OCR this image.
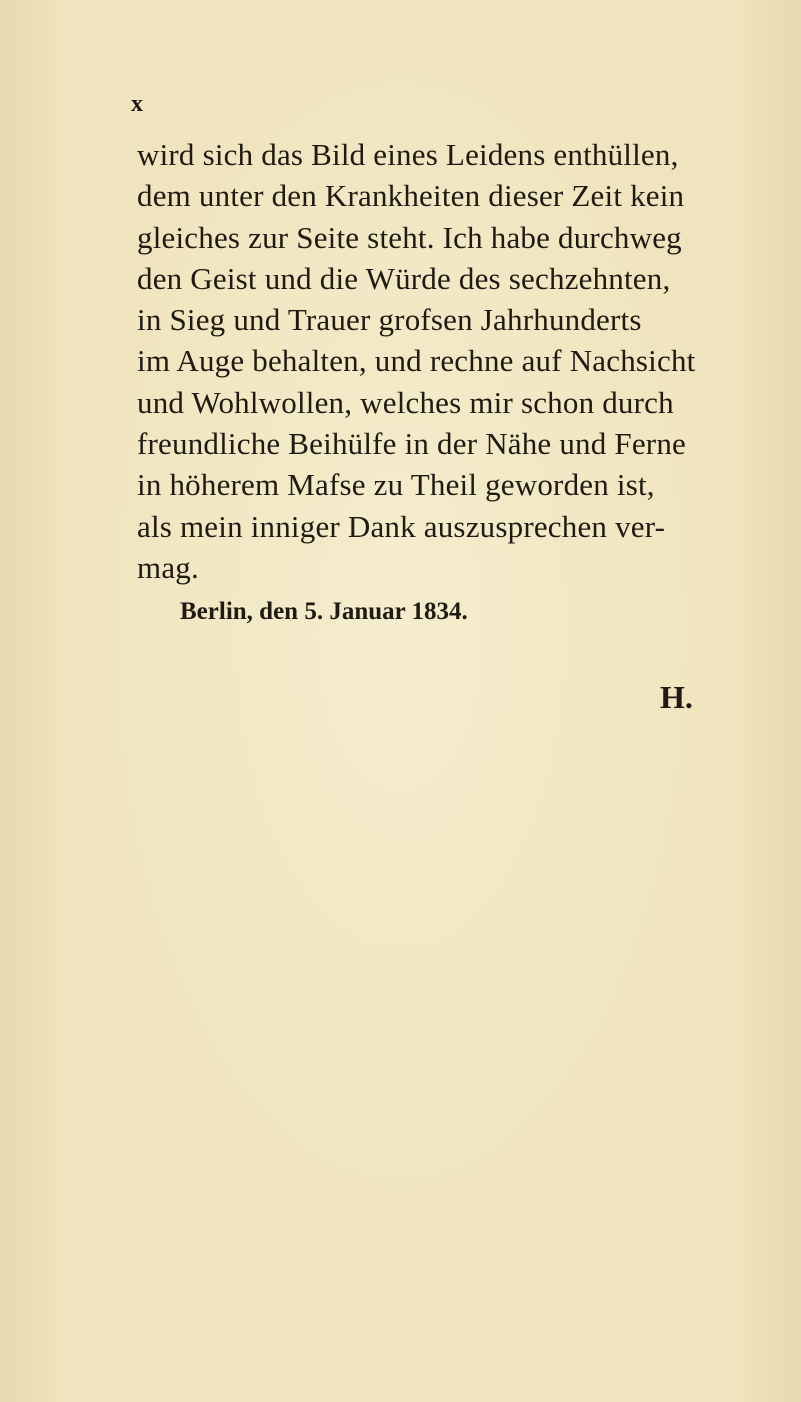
x
wird sich das Bild eines Leidens enthüllen,
dem unter den Krankheiten dieser Zeit kein
gleiches zur Seite steht. Ich habe durchweg
den Geist und die Würde des sechzehnten,
in Sieg und Trauer grofsen Jahrhunderts
im Auge behalten, und rechne auf Nachsicht
und Wohlwollen, welches mir schon durch
freundliche Beihülfe in der Nähe und Ferne
in höherem Mafse zu Theil geworden ist,
als mein inniger Dank auszusprechen ver-
mag.
Berlin, den 5. Januar 1834.
H.
